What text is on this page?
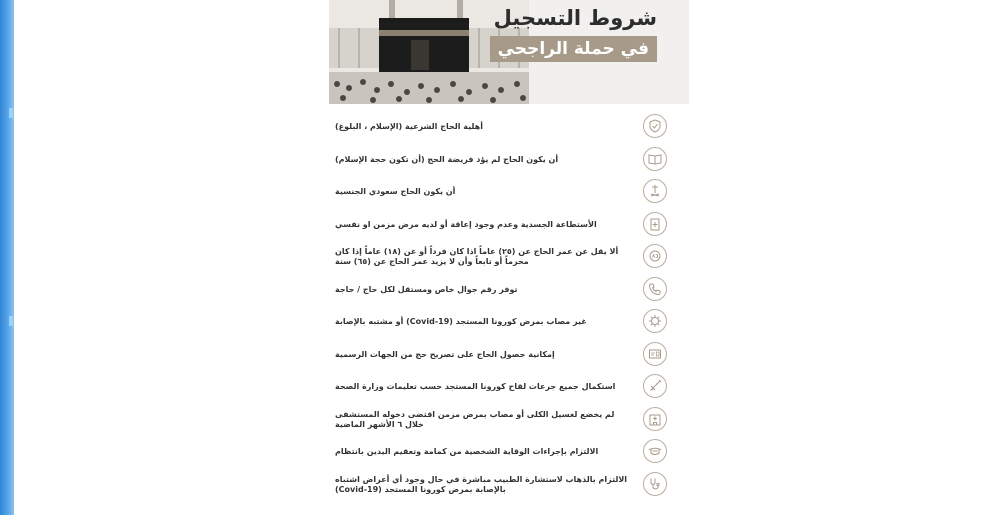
شروط التسجيل
في حملة الراجحي
أهلية الحاج الشرعية (الإسلام ، البلوغ)
أن يكون الحاج لم يؤد فريضة الحج (أن تكون حجة الإسلام)
أن يكون الحاج سعودي الجنسية
الأستطاعة الجسدية وعدم وجود إعاقة أو لديه مرض مزمن او نفسي
ألا يقل عن عمر الحاج عن (٢٥) عاماً اذا كان فرداً أو عن (١٨) عاماً إذا كان
محرماً أو تابعاً وأن لا يزيد عمر الحاج عن (٦٥) سنة
توفر رقم جوال خاص ومستقل لكل حاج / حاجة
غير مصاب بمرض كورونا المستجد (Covid-19) أو مشتبه بالإصابة
إمكانية حصول الحاج على تصريح حج من الجهات الرسمية
استكمال جميع جرعات لقاح كورونا المستجد حسب تعليمات وزارة الصحة
لم يخضع لغسيل الكلى أو مصاب بمرض مزمن اقتضى دخوله المستشفى
خلال ٦ الأشهر الماضية
الالتزام بإجراءات الوقاية الشخصية من كمامة وتعقيم اليدين بانتظام
الالتزام بالذهاب لاستشارة الطبيب مباشرة في حال وجود أي أعراض اشتباه
بالإصابة بمرض كورونا المستجد (Covid-19)
